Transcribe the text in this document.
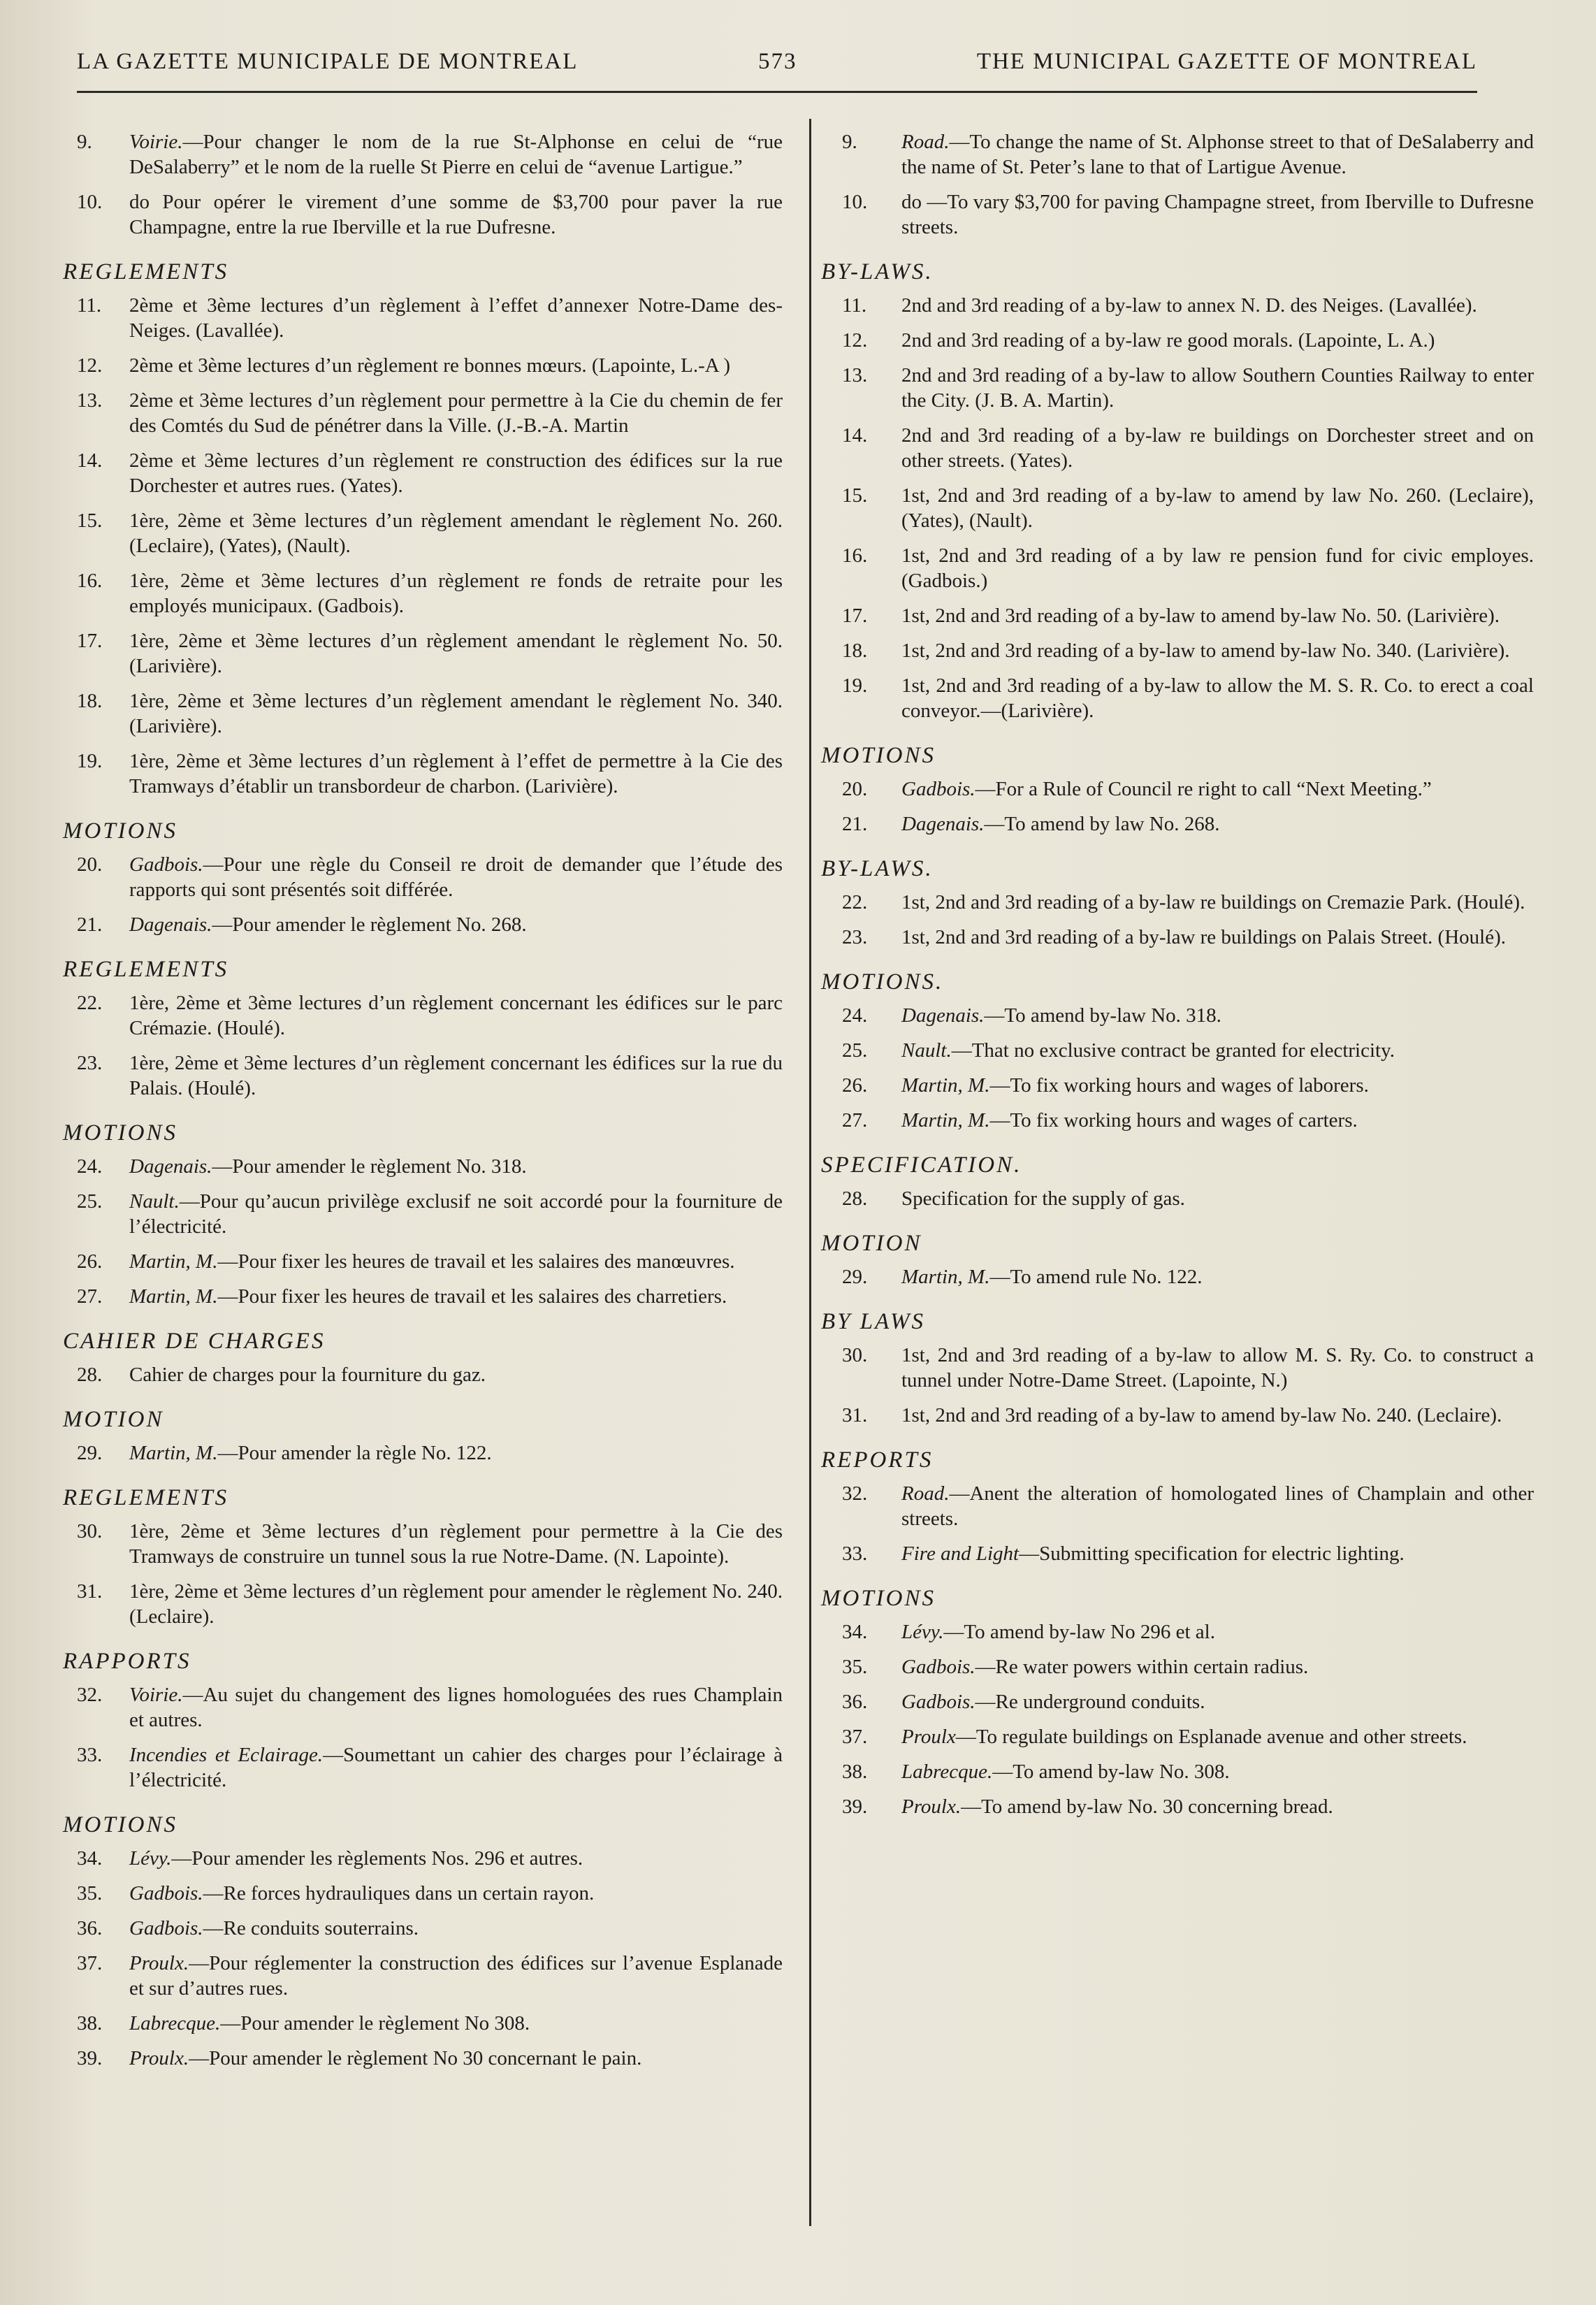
LA GAZETTE MUNICIPALE DE MONTREAL	573	THE MUNICIPAL GAZETTE OF MONTREAL
9.	Voirie.—Pour changer le nom de la rue St-Alphonse en celui de “rue DeSalaberry” et le nom de la ruelle St Pierre en celui de “avenue Lartigue.”
10.	do Pour opérer le virement d’une somme de $3,700 pour paver la rue Champagne, entre la rue Iberville et la rue Dufresne.
REGLEMENTS
11.	2ème et 3ème lectures d’un règlement à l’effet d’annexer Notre-Dame des-Neiges. (Lavallée).
12.	2ème et 3ème lectures d’un règlement re bonnes mœurs. (Lapointe, L.-A )
13.	2ème et 3ème lectures d’un règlement pour permettre à la Cie du chemin de fer des Comtés du Sud de pénétrer dans la Ville. (J.-B.-A. Martin
14.	2ème et 3ème lectures d’un règlement re construction des édifices sur la rue Dorchester et autres rues. (Yates).
15.	1ère, 2ème et 3ème lectures d’un règlement amendant le règlement No. 260. (Leclaire), (Yates), (Nault).
16.	1ère, 2ème et 3ème lectures d’un règlement re fonds de retraite pour les employés municipaux. (Gadbois).
17.	1ère, 2ème et 3ème lectures d’un règlement amendant le règlement No. 50. (Larivière).
18.	1ère, 2ème et 3ème lectures d’un règlement amendant le règlement No. 340. (Larivière).
19.	1ère, 2ème et 3ème lectures d’un règlement à l’effet de permettre à la Cie des Tramways d’établir un transbordeur de charbon. (Larivière).
MOTIONS
20.	Gadbois.—Pour une règle du Conseil re droit de demander que l’étude des rapports qui sont présentés soit différée.
21.	Dagenais.—Pour amender le règlement No. 268.
REGLEMENTS
22.	1ère, 2ème et 3ème lectures d’un règlement concernant les édifices sur le parc Crémazie. (Houlé).
23.	1ère, 2ème et 3ème lectures d’un règlement concernant les édifices sur la rue du Palais. (Houlé).
MOTIONS
24.	Dagenais.—Pour amender le règlement No. 318.
25.	Nault.—Pour qu’aucun privilège exclusif ne soit accordé pour la fourniture de l’électricité.
26.	Martin, M.—Pour fixer les heures de travail et les salaires des manœuvres.
27.	Martin, M.—Pour fixer les heures de travail et les salaires des charretiers.
CAHIER DE CHARGES
28.	Cahier de charges pour la fourniture du gaz.
MOTION
29.	Martin, M.—Pour amender la règle No. 122.
REGLEMENTS
30.	1ère, 2ème et 3ème lectures d’un règlement pour permettre à la Cie des Tramways de construire un tunnel sous la rue Notre-Dame. (N. Lapointe).
31.	1ère, 2ème et 3ème lectures d’un règlement pour amender le règlement No. 240. (Leclaire).
RAPPORTS
32.	Voirie.—Au sujet du changement des lignes homologuées des rues Champlain et autres.
33.	Incendies et Eclairage.—Soumettant un cahier des charges pour l’éclairage à l’électricité.
MOTIONS
34.	Lévy.—Pour amender les règlements Nos. 296 et autres.
35.	Gadbois.—Re forces hydrauliques dans un certain rayon.
36.	Gadbois.—Re conduits souterrains.
37.	Proulx.—Pour réglementer la construction des édifices sur l’avenue Esplanade et sur d’autres rues.
38.	Labrecque.—Pour amender le règlement No 308.
39.	Proulx.—Pour amender le règlement No 30 concernant le pain.
9.	Road.—To change the name of St. Alphonse street to that of DeSalaberry and the name of St. Peter’s lane to that of Lartigue Avenue.
10.	do —To vary $3,700 for paving Champagne street, from Iberville to Dufresne streets.
BY-LAWS.
11.	2nd and 3rd reading of a by-law to annex N. D. des Neiges. (Lavallée).
12.	2nd and 3rd reading of a by-law re good morals. (Lapointe, L. A.)
13.	2nd and 3rd reading of a by-law to allow Southern Counties Railway to enter the City. (J. B. A. Martin).
14.	2nd and 3rd reading of a by-law re buildings on Dorchester street and on other streets. (Yates).
15.	1st, 2nd and 3rd reading of a by-law to amend by law No. 260. (Leclaire), (Yates), (Nault).
16.	1st, 2nd and 3rd reading of a by law re pension fund for civic employes. (Gadbois.)
17.	1st, 2nd and 3rd reading of a by-law to amend by-law No. 50. (Larivière).
18.	1st, 2nd and 3rd reading of a by-law to amend by-law No. 340. (Larivière).
19.	1st, 2nd and 3rd reading of a by-law to allow the M. S. R. Co. to erect a coal conveyor.—(Larivière).
MOTIONS
20.	Gadbois.—For a Rule of Council re right to call “Next Meeting.”
21.	Dagenais.—To amend by law No. 268.
BY-LAWS.
22.	1st, 2nd and 3rd reading of a by-law re buildings on Cremazie Park. (Houlé).
23.	1st, 2nd and 3rd reading of a by-law re buildings on Palais Street. (Houlé).
MOTIONS.
24.	Dagenais.—To amend by-law No. 318.
25.	Nault.—That no exclusive contract be granted for electricity.
26.	Martin, M.—To fix working hours and wages of laborers.
27.	Martin, M.—To fix working hours and wages of carters.
SPECIFICATION.
28.	Specification for the supply of gas.
MOTION
29.	Martin, M.—To amend rule No. 122.
BY LAWS
30.	1st, 2nd and 3rd reading of a by-law to allow M. S. Ry. Co. to construct a tunnel under Notre-Dame Street. (Lapointe, N.)
31.	1st, 2nd and 3rd reading of a by-law to amend by-law No. 240. (Leclaire).
REPORTS
32.	Road.—Anent the alteration of homologated lines of Champlain and other streets.
33.	Fire and Light—Submitting specification for electric lighting.
MOTIONS
34.	Lévy.—To amend by-law No 296 et al.
35.	Gadbois.—Re water powers within certain radius.
36.	Gadbois.—Re underground conduits.
37.	Proulx—To regulate buildings on Esplanade avenue and other streets.
38.	Labrecque.—To amend by-law No. 308.
39.	Proulx.—To amend by-law No. 30 concerning bread.
